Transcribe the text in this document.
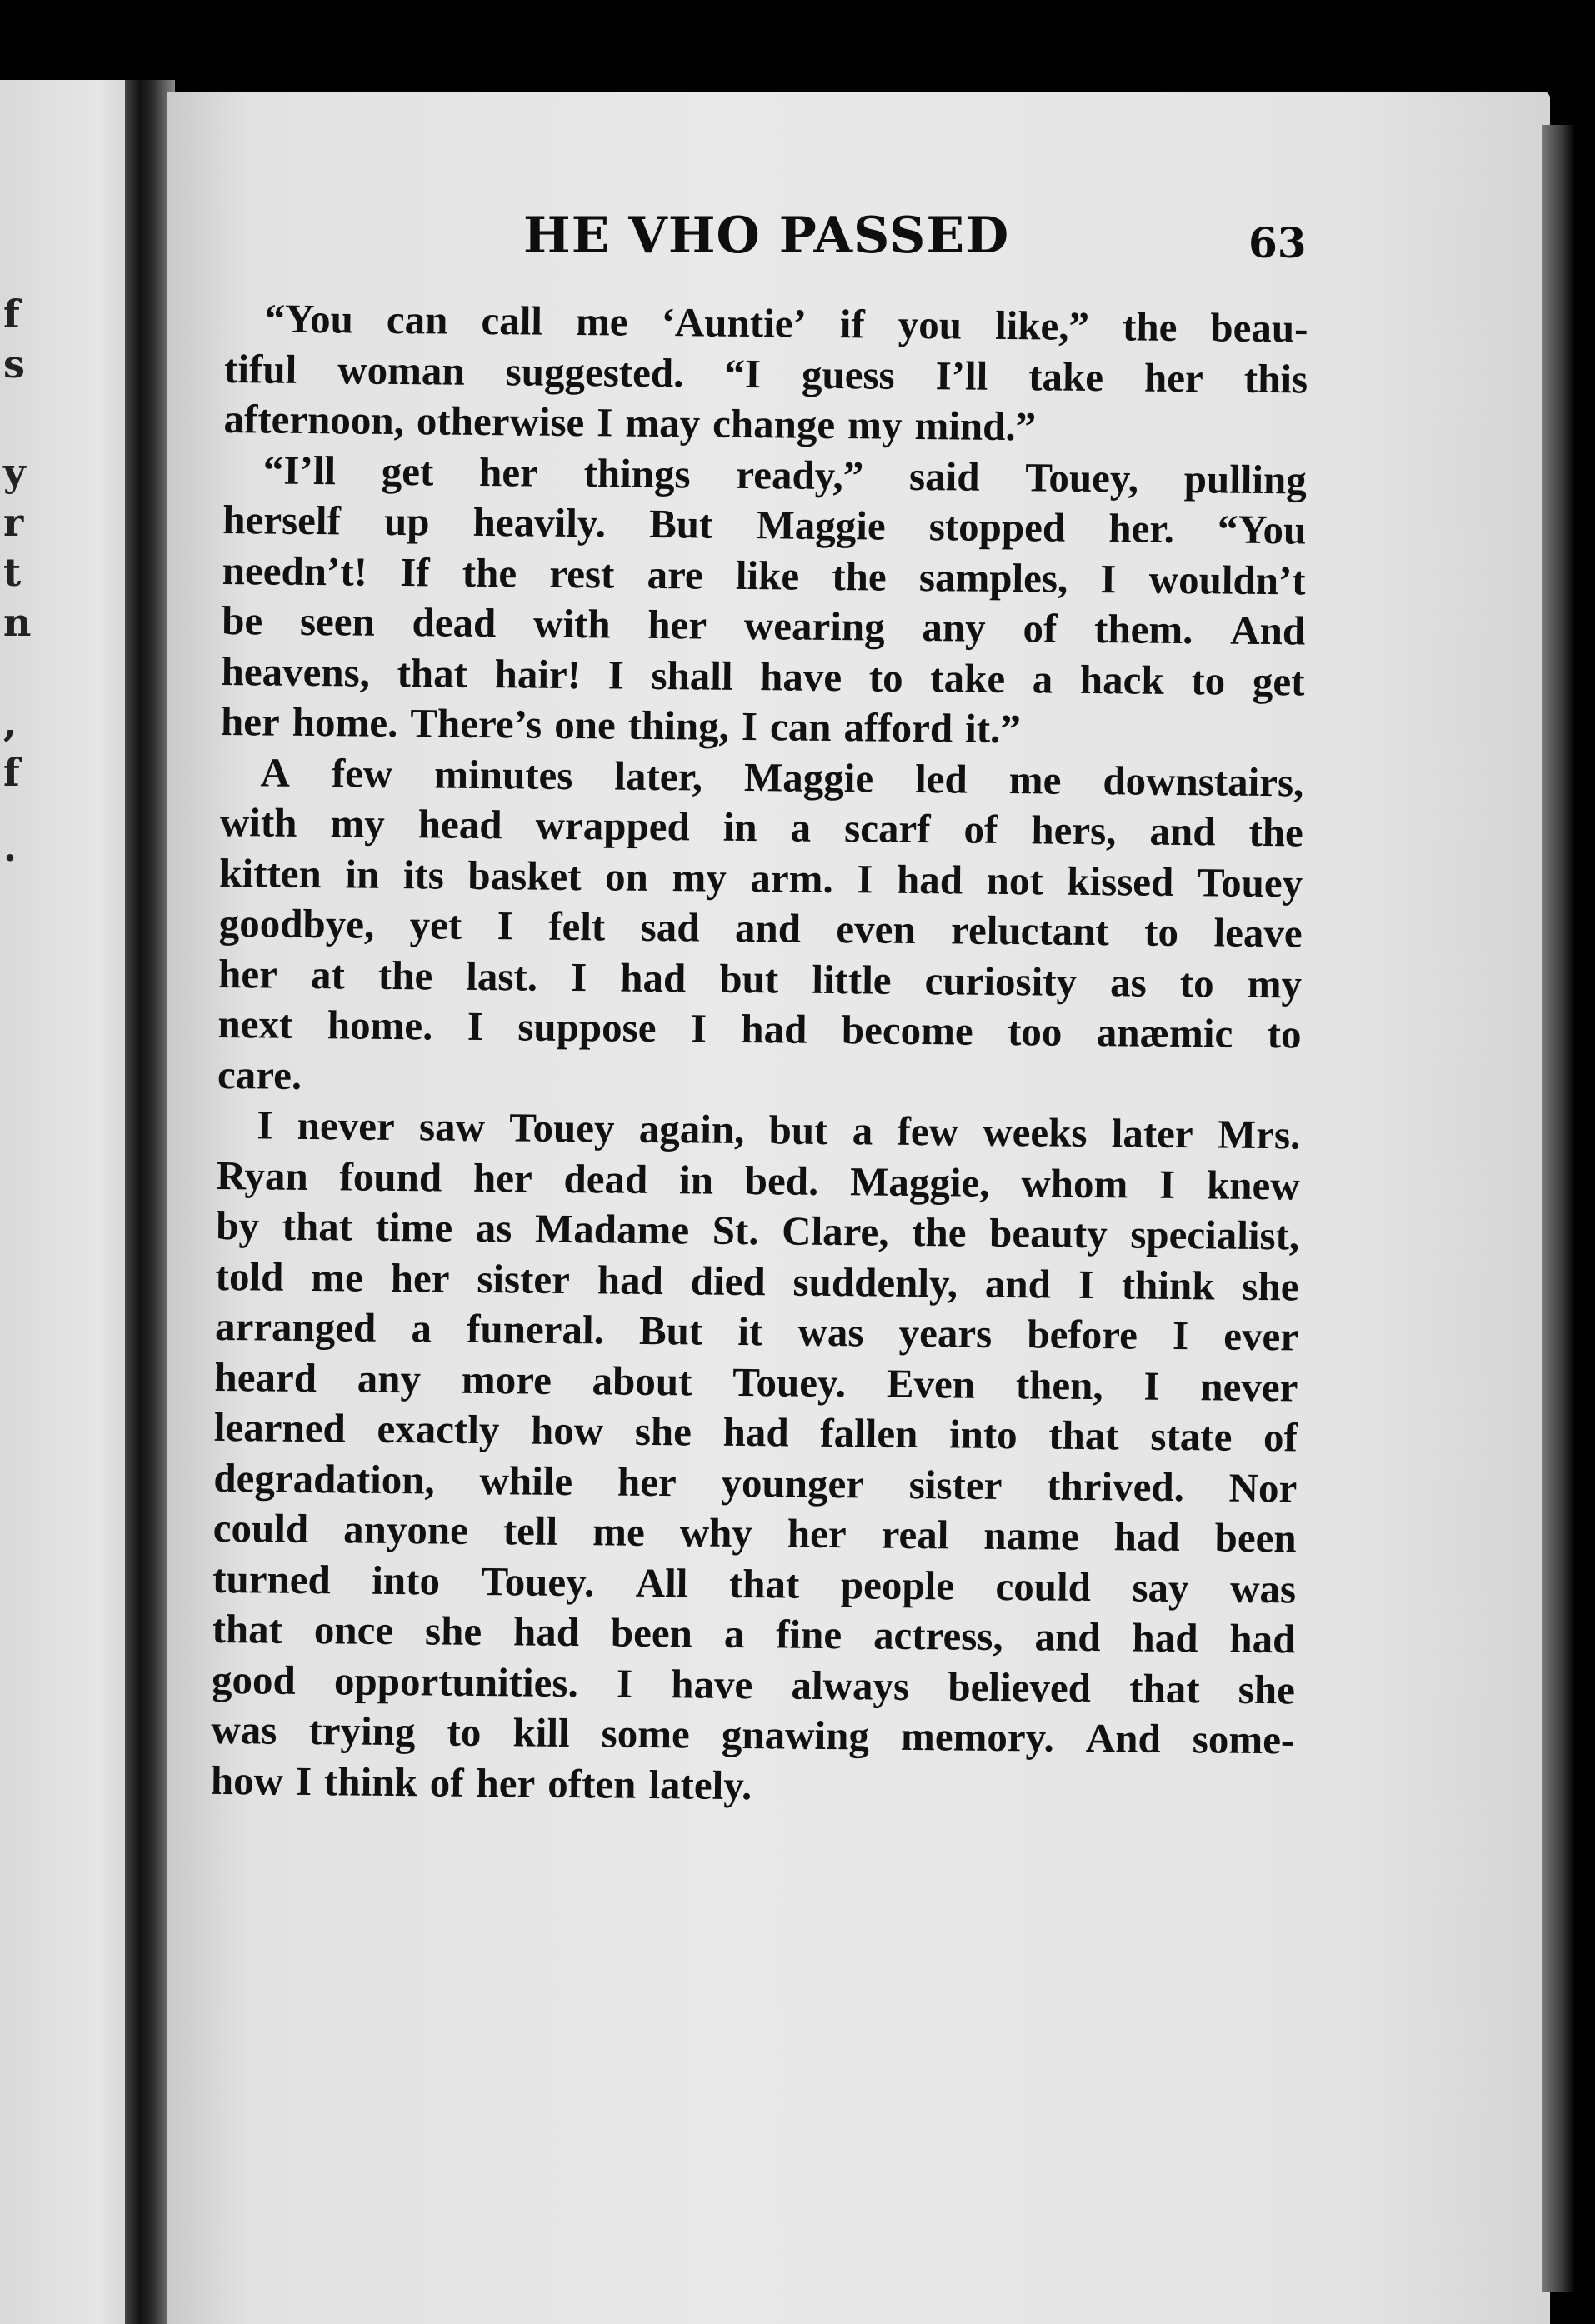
f
s
y
r
t
n
,
f
.
HE VHO PASSED	63
“You can call me ‘Auntie’ if you like,” the beau-
tiful woman suggested. “I guess I’ll take her this
afternoon, otherwise I may change my mind.”
“I’ll get her things ready,” said Touey, pulling
herself up heavily. But Maggie stopped her. “You
needn’t! If the rest are like the samples, I wouldn’t
be seen dead with her wearing any of them. And
heavens, that hair! I shall have to take a hack to get
her home. There’s one thing, I can afford it.”
A few minutes later, Maggie led me downstairs,
with my head wrapped in a scarf of hers, and the
kitten in its basket on my arm. I had not kissed Touey
goodbye, yet I felt sad and even reluctant to leave
her at the last. I had but little curiosity as to my
next home. I suppose I had become too anæmic to
care.
I never saw Touey again, but a few weeks later Mrs.
Ryan found her dead in bed. Maggie, whom I knew
by that time as Madame St. Clare, the beauty specialist,
told me her sister had died suddenly, and I think she
arranged a funeral. But it was years before I ever
heard any more about Touey. Even then, I never
learned exactly how she had fallen into that state of
degradation, while her younger sister thrived. Nor
could anyone tell me why her real name had been
turned into Touey. All that people could say was
that once she had been a fine actress, and had had
good opportunities. I have always believed that she
was trying to kill some gnawing memory. And some-
how I think of her often lately.
